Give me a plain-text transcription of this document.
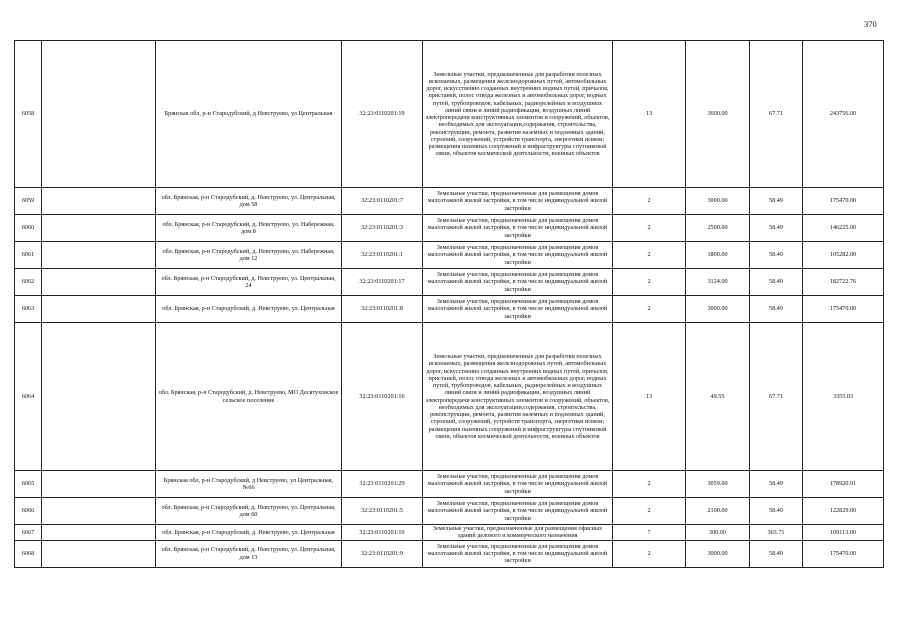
370
6058		Брянская обл, р-н Стародубский, д Невструево, ул Центральная	32:23:0110201:19	Земельные участки, предназначенные для разработки полезных ископаемых, размещения железнодорожных путей, автомобильных дорог, искусственно созданных внутренних водных путей, причалов, пристаней, полос отвода железных и автомобильных дорог, водных путей, трубопроводов, кабельных, радиорелейных и воздушных линий связи и линий радиофикации, воздушных линий электропередачи конструктивных элементов и сооружений, объектов, необходимых для эксплуатации,содержания, строительства, реконструкции, ремонта, развития наземных и подземных зданий, строений, сооружений, устройств транспорта, энергетики исвязи; размещения наземных сооружений и инфраструктуры спутниковой связи, объектов космической деятельности, военных объектов	13	3600.00	67.71	243756.00
6059		обл. Брянская, р-н Стародубский, д. Невструево, ул. Центральная, дом 58	32:23:0110201:7	Земельные участки, предназначенные для размещения домов малоэтажной жилой застройки, в том числе индивидуальной жилой застройки	2	3000.00	58.49	175470.00
6060		обл. Брянская, р-н Стародубский, д. Невструево, ул. Набережная, дом 8	32:23:0110201:3	Земельные участки, предназначенные для размещения домов малоэтажной жилой застройки, в том числе индивидуальной жилой застройки	2	2500.00	58.49	146225.00
6061		обл. Брянская, р-н Стародубский, д. Невструево, ул. Набережная, дом 12	32:23:0110201:1	Земельные участки, предназначенные для размещения домов малоэтажной жилой застройки, в том числе индивидуальной жилой застройки	2	1800.00	58.49	105282.00
6062		обл. Брянская, р-н Стародубский, д. Невструево, ул. Центральная, 24	32:23:0110201:17	Земельные участки, предназначенные для размещения домов малоэтажной жилой застройки, в том числе индивидуальной жилой застройки	2	3124.00	58.49	182722.76
6063		обл. Брянская, р-н Стародубский, д. Невструево, ул. Центральная	32:23:0110201:8	Земельные участки, предназначенные для размещения домов малоэтажной жилой застройки, в том числе индивидуальной жилой застройки	2	3000.00	58.49	175470.00
6064		обл. Брянская, р-н Стародубский, д. Невструево, МО Десятуховское сельское поселение	32:23:0110201:16	Земельные участки, предназначенные для разработки полезных ископаемых, размещения железнодорожных путей, автомобильных дорог, искусственно созданных внутренних водных путей, причалов, пристаней, полос отвода железных и автомобильных дорог, водных путей, трубопроводов, кабельных, радиорелейных и воздушных линий связи и линий радиофикации, воздушных линий электропередачи конструктивных элементов и сооружений, объектов, необходимых для эксплуатации,содержания, строительства, реконструкции, ремонта, развития наземных и подземных зданий, строений, сооружений, устройств транспорта, энергетики исвязи; размещения наземных сооружений и инфраструктуры спутниковой связи, объектов космической деятельности, военных объектов	13	49.55	67.71	3355.03
6065		Брянская обл, р-н Стародубский, д Невструево, ул Центральная, №66	32:23:0110201:29	Земельные участки, предназначенные для размещения домов малоэтажной жилой застройки, в том числе индивидуальной жилой застройки	2	3059.00	58.49	178920.91
6066		обл. Брянская, р-н Стародубский, д. Невструево, ул. Центральная, дом 60	32:23:0110201:5	Земельные участки, предназначенные для размещения домов малоэтажной жилой застройки, в том числе индивидуальной жилой застройки	2	2100.00	58.49	122829.00
6067		обл. Брянская, р-н Стародубский, д. Невструево, ул. Центральная	32:23:0110201:10	Земельные участки, предназначенные для размещения офисных зданий делового и коммерческого назначения	7	300.00	363.71	109113.00
6068		обл. Брянская, р-н Стародубский, д. Невструево, ул. Центральная, дом 13	32:23:0110201:9	Земельные участки, предназначенные для размещения домов малоэтажной жилой застройки, в том числе индивидуальной жилой застройки	2	3000.00	58.49	175470.00
